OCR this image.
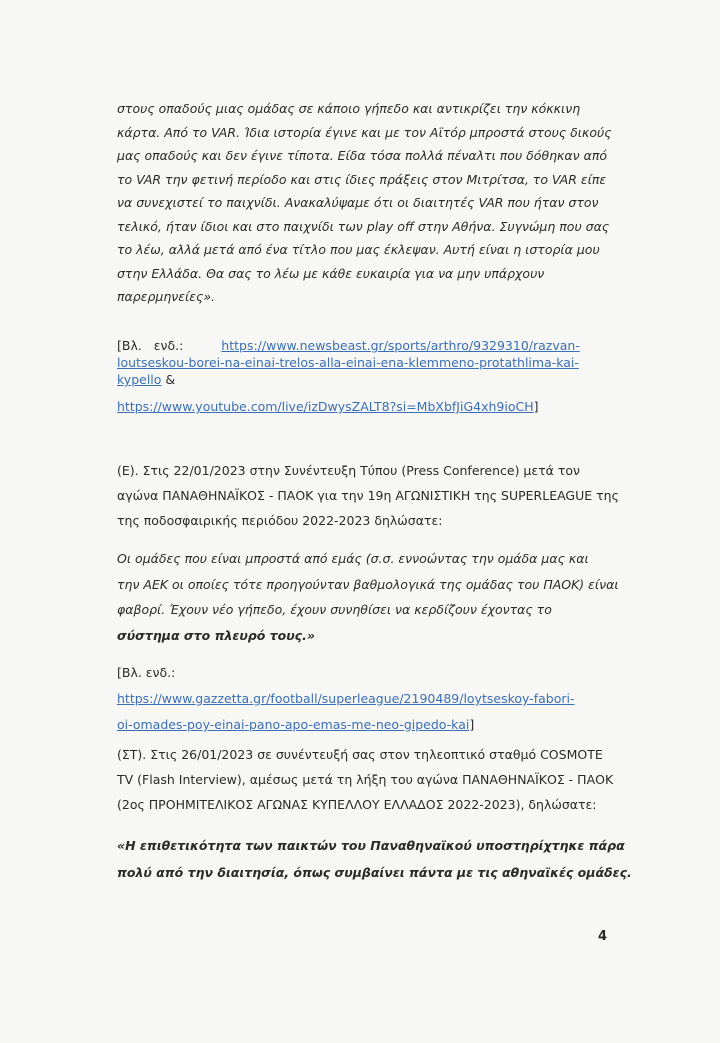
στους οπαδούς μιας ομάδας σε κάποιο γήπεδο και αντικρίζει την κόκκινη
κάρτα. Από το VAR. Ίδια ιστορία έγινε και με τον Αϊτόρ μπροστά στους δικούς
μας οπαδούς και δεν έγινε τίποτα. Είδα τόσα πολλά πέναλτι που δόθηκαν από
το VAR την φετινή περίοδο και στις ίδιες πράξεις στον Μιτρίτσα, το VAR είπε
να συνεχιστεί το παιχνίδι. Ανακαλύψαμε ότι οι διαιτητές VAR που ήταν στον
τελικό, ήταν ίδιοι και στο παιχνίδι των play off στην Αθήνα. Συγνώμη που σας
το λέω, αλλά μετά από ένα τίτλο που μας έκλεψαν. Αυτή είναι η ιστορία μου
στην Ελλάδα. Θα σας το λέω με κάθε ευκαιρία για να μην υπάρχουν
παρερμηνείες».
[Βλ.   ενδ.:	https://www.newsbeast.gr/sports/arthro/9329310/razvan-
loutseskou-borei-na-einai-trelos-alla-einai-ena-klemmeno-protathlima-kai-
kypello &
https://www.youtube.com/live/izDwysZALT8?si=MbXbfJiG4xh9ioCH]
(Ε). Στις 22/01/2023 στην Συνέντευξη Τύπου (Press Conference) μετά τον
αγώνα ΠΑΝΑΘΗΝΑΪΚΟΣ - ΠΑΟΚ για την 19η ΑΓΩΝΙΣΤΙΚΗ της SUPERLEAGUE της
της ποδοσφαιρικής περιόδου 2022-2023 δηλώσατε:
Οι ομάδες που είναι μπροστά από εμάς (σ.σ. εννοώντας την ομάδα μας και
την ΑΕΚ οι οποίες τότε προηγούνταν βαθμολογικά της ομάδας του ΠΑΟΚ) είναι
φαβορί. Έχουν νέο γήπεδο, έχουν συνηθίσει να κερδίζουν έχοντας το
σύστημα στο πλευρό τους.»
[Βλ. ενδ.:
https://www.gazzetta.gr/football/superleague/2190489/loytseskoy-fabori-
oi-omades-poy-einai-pano-apo-emas-me-neo-gipedo-kai]
(ΣΤ). Στις 26/01/2023 σε συνέντευξή σας στον τηλεοπτικό σταθμό COSMOTE
TV (Flash Interview), αμέσως μετά τη λήξη του αγώνα ΠΑΝΑΘΗΝΑΪΚΟΣ - ΠΑΟΚ
(2ος ΠΡΟΗΜΙΤΕΛΙΚΟΣ ΑΓΩΝΑΣ ΚΥΠΕΛΛΟΥ ΕΛΛΑΔΟΣ 2022-2023), δηλώσατε:
«Η επιθετικότητα των παικτών του Παναθηναϊκού υποστηρίχτηκε πάρα
πολύ από την διαιτησία, όπως συμβαίνει πάντα με τις αθηναϊκές ομάδες.
4
